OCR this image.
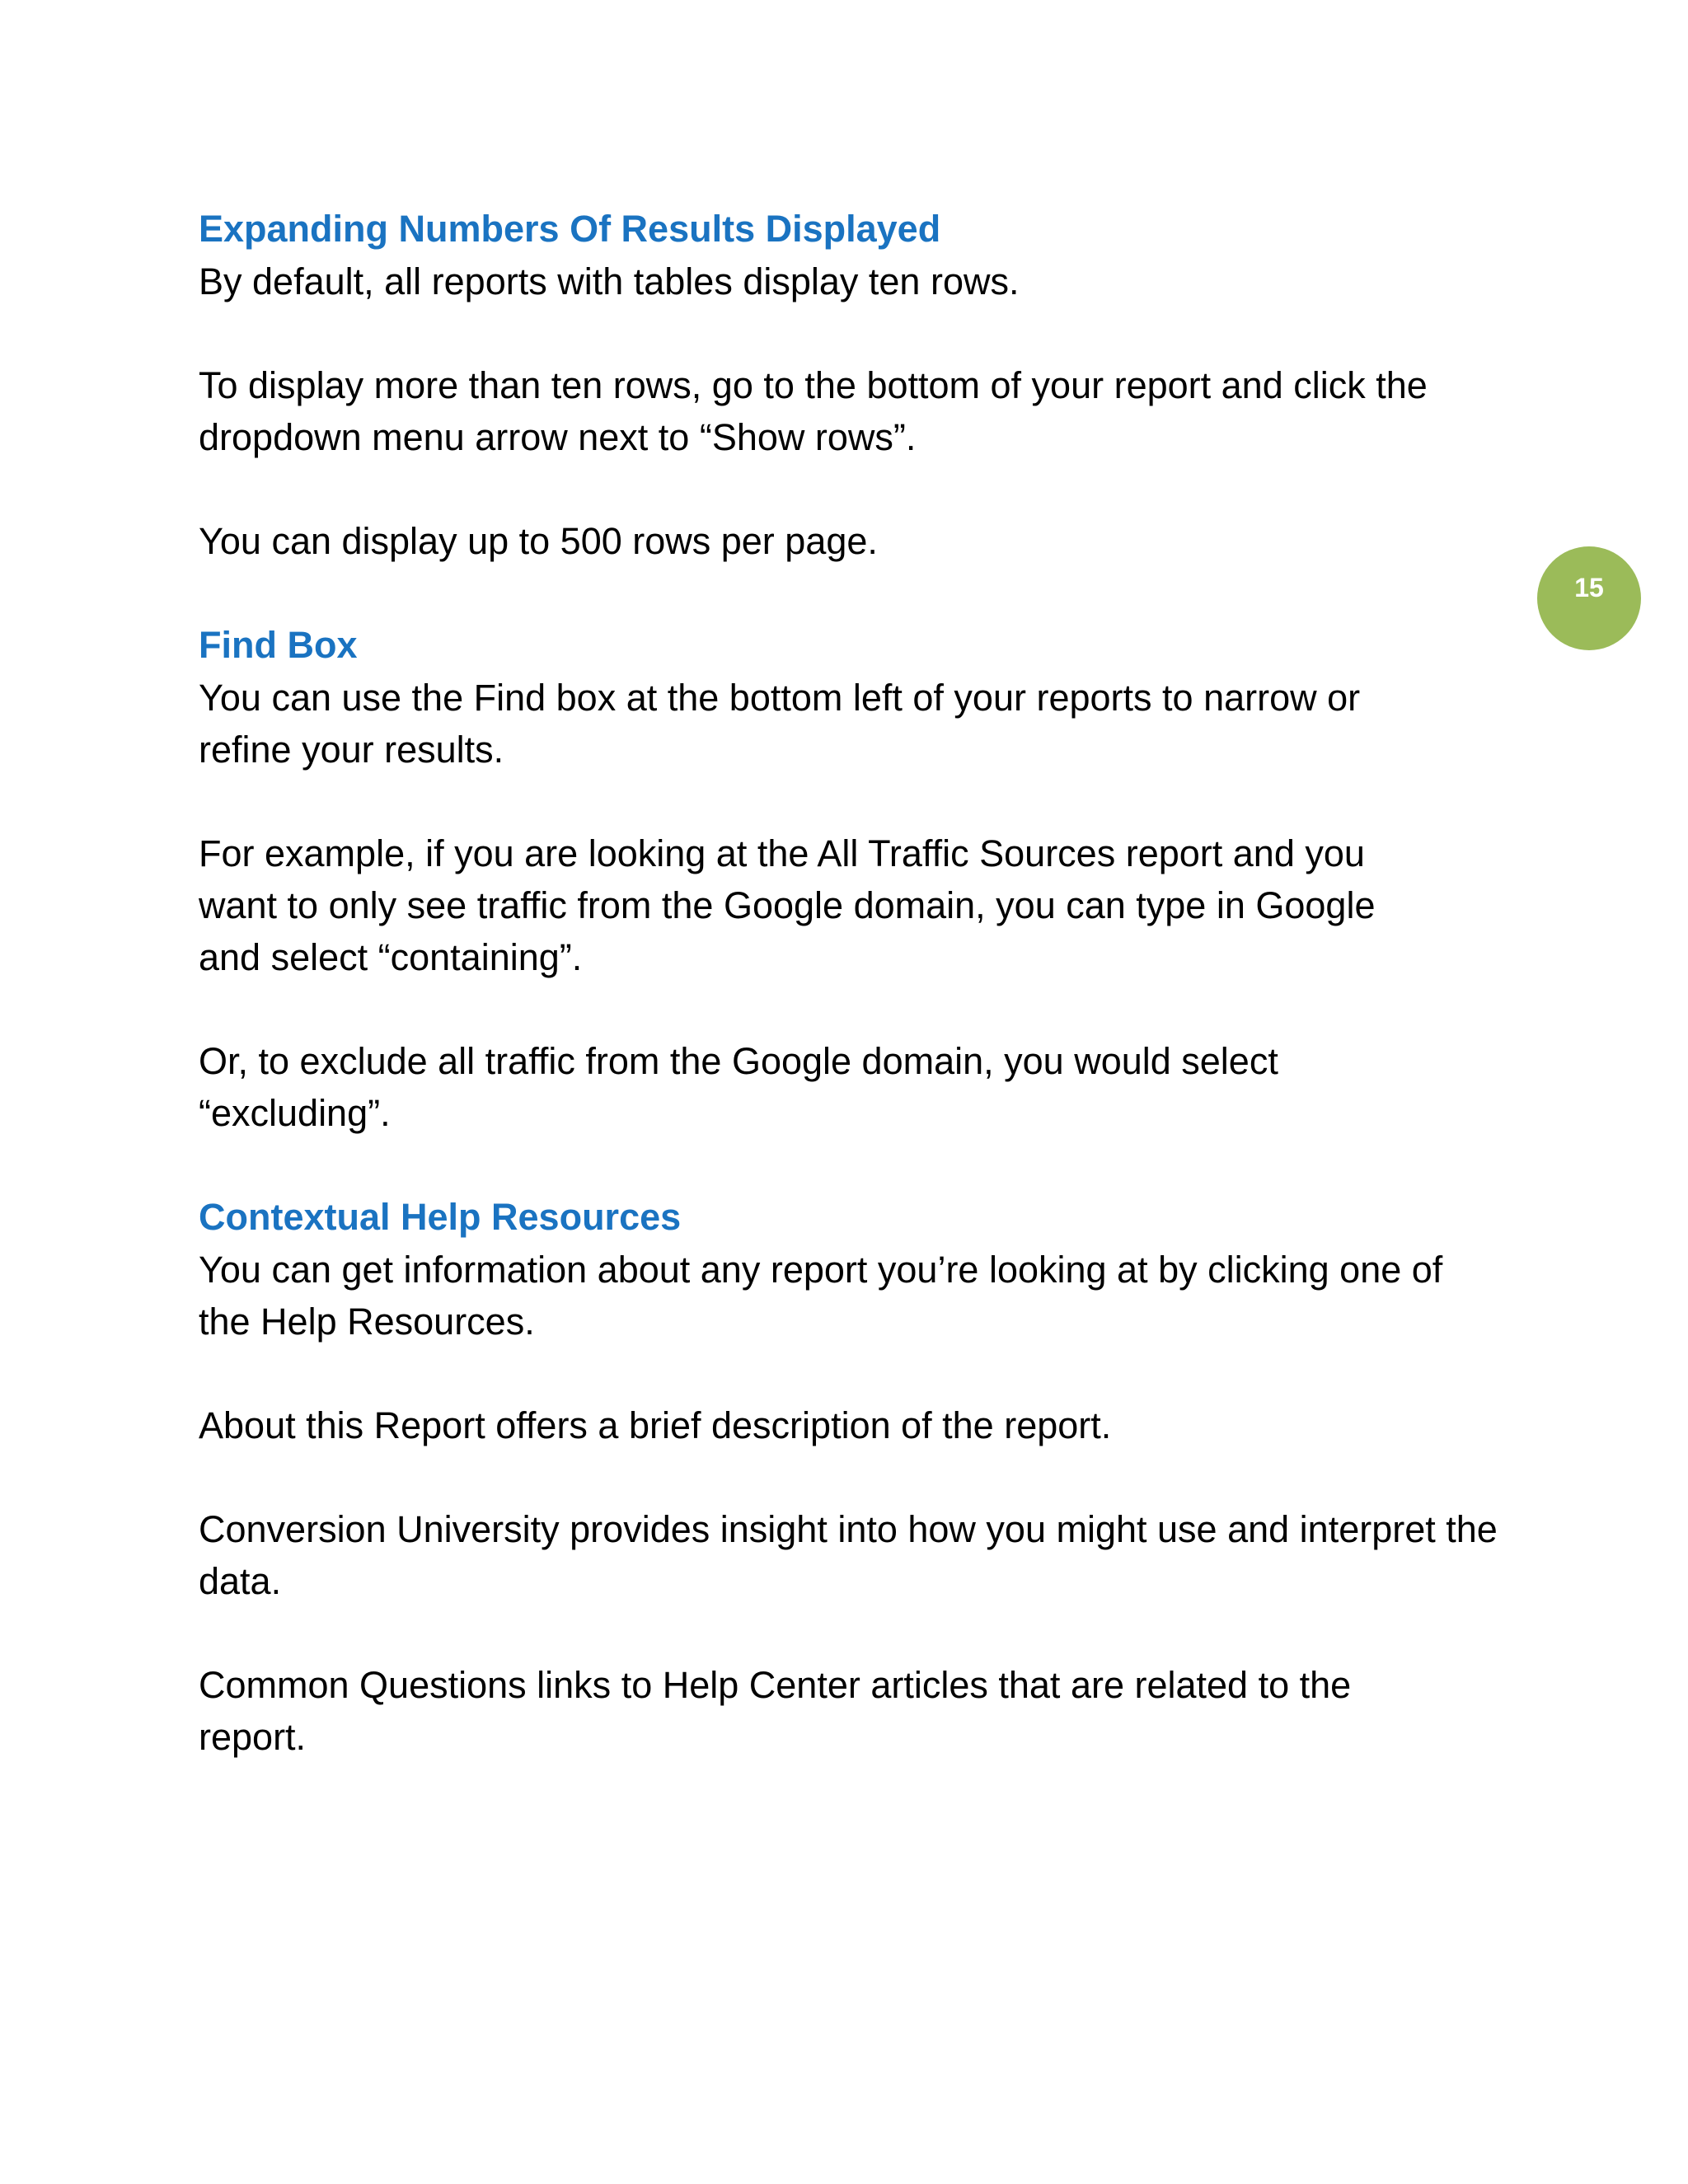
15
Expanding Numbers Of Results Displayed

By default, all reports with tables display ten rows.

To display more than ten rows, go to the bottom of your report and click the dropdown menu arrow next to “Show rows”.

You can display up to 500 rows per page.

Find Box

You can use the Find box at the bottom left of your reports to narrow or refine your results.

For example, if you are looking at the All Traffic Sources report and you want to only see traffic from the Google domain, you can type in Google and select “containing”.

Or, to exclude all traffic from the Google domain, you would select “excluding”.

Contextual Help Resources

You can get information about any report you’re looking at by clicking one of the Help Resources.

About this Report offers a brief description of the report.

Conversion University provides insight into how you might use and interpret the data.

Common Questions links to Help Center articles that are related to the report.
